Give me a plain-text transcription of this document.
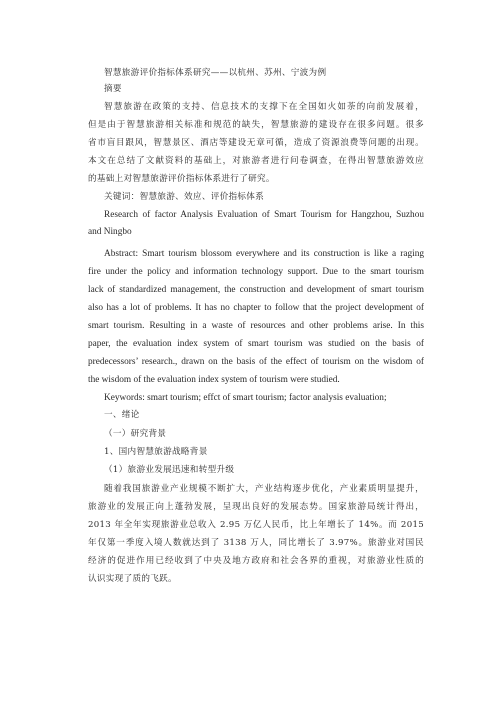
智慧旅游评价指标体系研究——以杭州、苏州、宁波为例
摘要
智慧旅游在政策的支持、信息技术的支撑下在全国如火如荼的向前发展着，
但是由于智慧旅游相关标准和规范的缺失，智慧旅游的建设存在很多问题。很多
省市盲目跟风，智慧景区、酒店等建设无章可循，造成了资源浪费等问题的出现。
本文在总结了文献资料的基础上，对旅游者进行问卷调查，在得出智慧旅游效应
的基础上对智慧旅游评价指标体系进行了研究。
关键词：智慧旅游、效应、评价指标体系
Research of factor Analysis Evaluation of Smart Tourism for Hangzhou, Suzhou
and Ningbo
Abstract: Smart tourism blossom everywhere and its construction is like a raging
fire under the policy and information technology support. Due to the smart tourism
lack of standardized management, the construction and development of smart tourism
also has a lot of problems. It has no chapter to follow that the project development of
smart tourism. Resulting in a waste of resources and other problems arise. In this
paper, the evaluation index system of smart tourism was studied on the basis of
predecessors’ research., drawn on the basis of the effect of tourism on the wisdom of
the wisdom of the evaluation index system of tourism were studied.
Keywords: smart tourism; effct of smart tourism; factor analysis evaluation;
一、绪论
（一）研究背景
1、国内智慧旅游战略背景
（1）旅游业发展迅速和转型升级
随着我国旅游业产业规模不断扩大，产业结构逐步优化，产业素质明显提升，
旅游业的发展正向上蓬勃发展，呈现出良好的发展态势。国家旅游局统计得出，
2013 年全年实现旅游业总收入 2.95 万亿人民币，比上年增长了 14%。而 2015
年仅第一季度入境人数就达到了 3138 万人，同比增长了 3.97%。旅游业对国民
经济的促进作用已经收到了中央及地方政府和社会各界的重视，对旅游业性质的
认识实现了质的飞跃。
